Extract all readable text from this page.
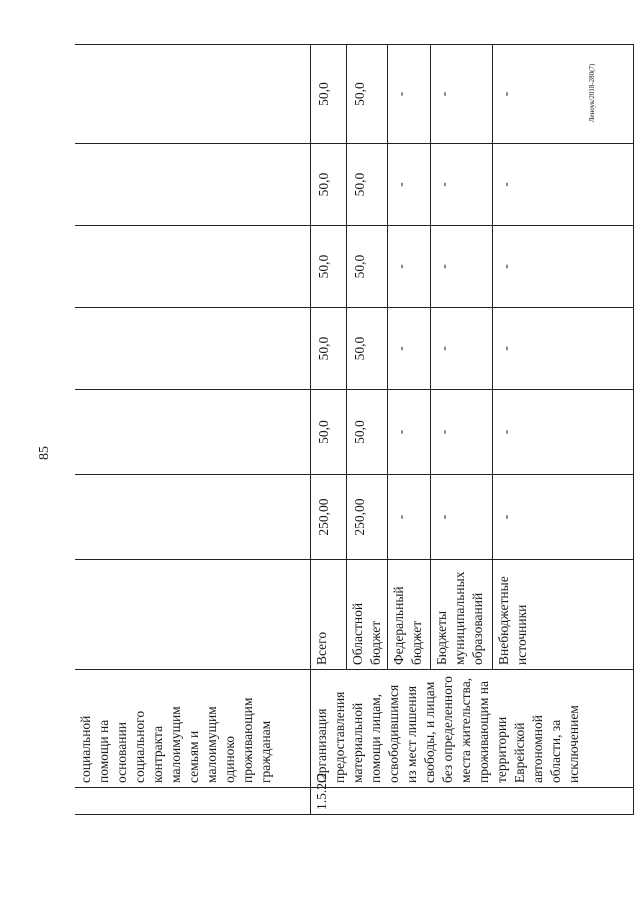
85
Леноук/2018-280(7)
	социальной помощи на основании социального контракта малоимущим семьям и малоимущим одиноко проживающим гражданам							
1.5.2.2	Организация предоставления материальной помощи лицам, освободившимся из мест лишения свободы, и лицам без определенного места жительства, проживающим на территории Еврейской автономной области, за исключением	Всего	250,00	50,0	50,0	50,0	50,0	50,0
		Областной бюджет	250,00	50,0	50,0	50,0	50,0	50,0
		Федеральный бюджет	-	-	-	-	-	-
		Бюджеты муниципальных образований	-	-	-	-	-	-
		Внебюджетные источники	-	-	-	-	-	-
